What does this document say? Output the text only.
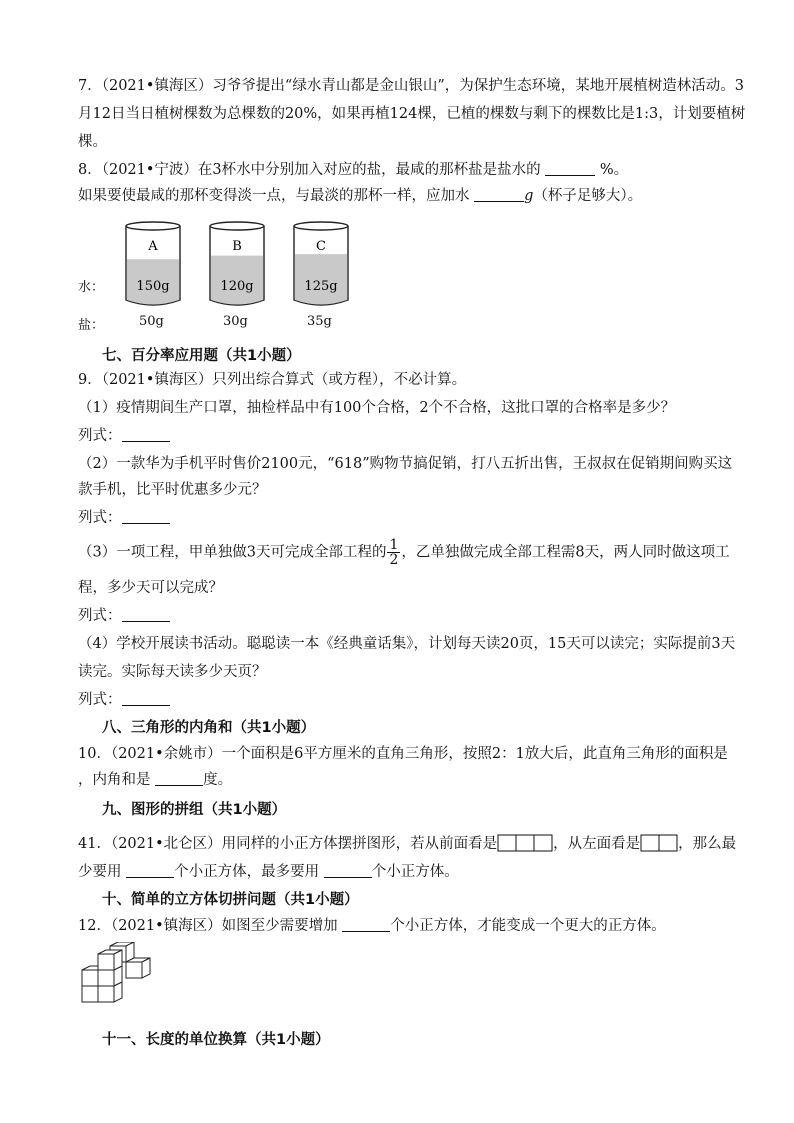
7．（2021•镇海区）习爷爷提出“绿水青山都是金山银山”，为保护生态环境，某地开展植树造林活动。3
月12日当日植树棵数为总棵数的20%，如果再植124棵，已植的棵数与剩下的棵数比是1:3，计划要植树
棵。
8．（2021•宁波）在3杯水中分别加入对应的盐，最咸的那杯盐是盐水的	%。
如果要使最咸的那杯变得淡一点，与最淡的那杯一样，应加水	g（杯子足够大）。
水：
盐：
A
150g
B
120g
C
125g
50g	30g	35g
七、百分率应用题（共1小题）
9．（2021•镇海区）只列出综合算式（或方程），不必计算。
（1）疫情期间生产口罩，抽检样品中有100个合格，2个不合格，这批口罩的合格率是多少？
列式：
（2）一款华为手机平时售价2100元，“618”购物节搞促销，打八五折出售，王叔叔在促销期间购买这
款手机，比平时优惠多少元？
列式：
（3）一项工程，甲单独做3天可完成全部工程的 $\frac{1}{2}$ ，乙单独做完成全部工程需8天，两人同时做这项工
程，多少天可以完成？
列式：
（4）学校开展读书活动。聪聪读一本《经典童话集》，计划每天读20页，15天可以读完；实际提前3天
读完。实际每天读多少天页？
列式：
八、三角形的内角和（共1小题）
10．（2021•余姚市）一个面积是6平方厘米的直角三角形，按照2：1放大后，此直角三角形的面积是
，内角和是	度。
九、图形的拼组（共1小题）
41．（2021•北仑区）用同样的小正方体摆拼图形，若从前面看是	，从左面看是	，那么最
少要用	个小正方体，最多要用	个小正方体。
十、简单的立方体切拼问题（共1小题）
12．（2021•镇海区）如图至少需要增加	个小正方体，才能变成一个更大的正方体。
十一、长度的单位换算（共1小题）
